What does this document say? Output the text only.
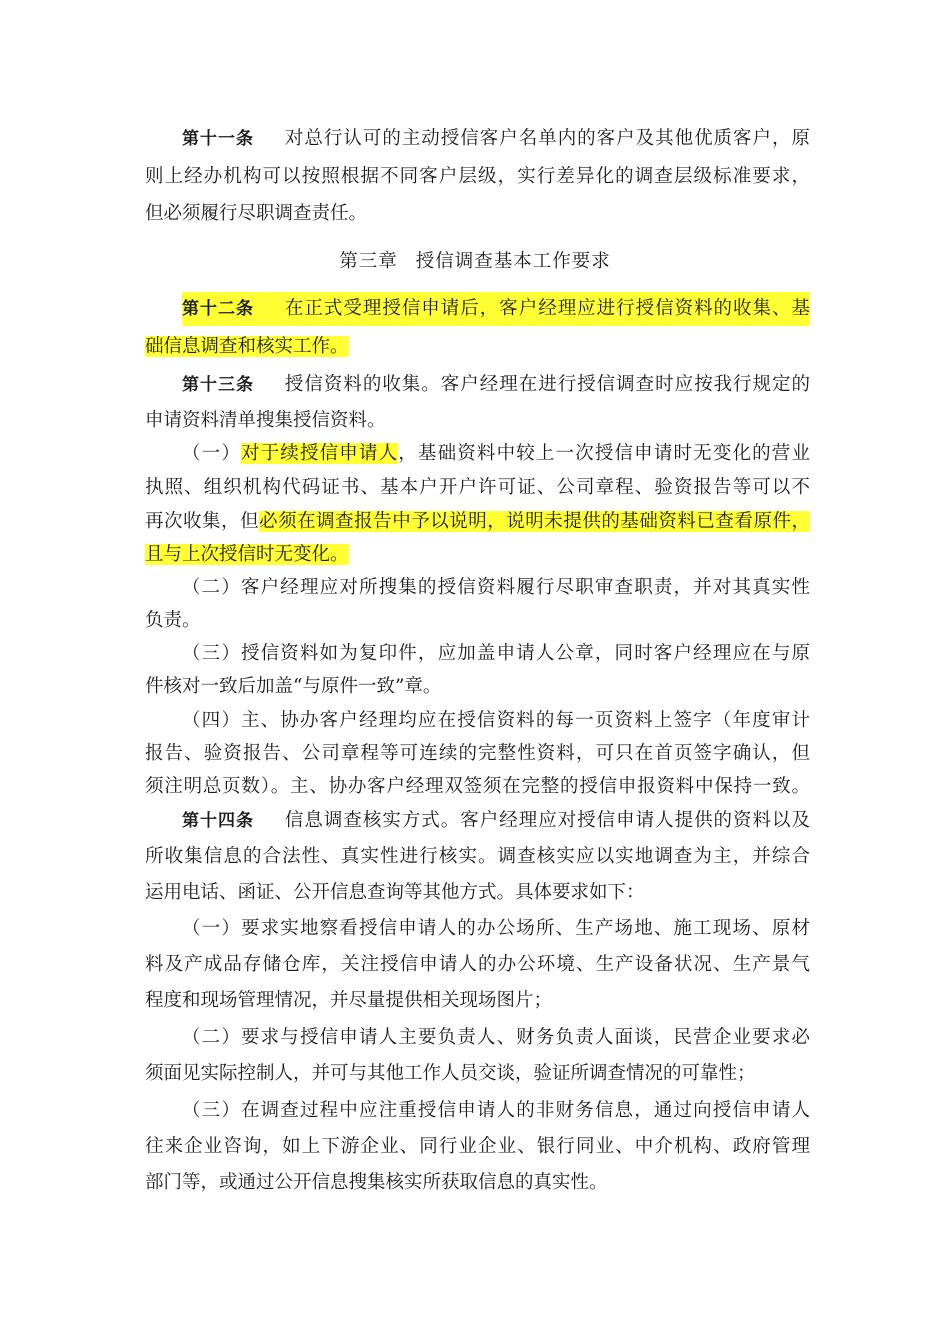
第十一条 对总行认可的主动授信客户名单内的客户及其他优质客户，原
则上经办机构可以按照根据不同客户层级，实行差异化的调查层级标准要求，
但必须履行尽职调查责任。
第三章 授信调查基本工作要求
第十二条 在正式受理授信申请后，客户经理应进行授信资料的收集、基
础信息调查和核实工作。
第十三条 授信资料的收集。客户经理在进行授信调查时应按我行规定的
申请资料清单搜集授信资料。
（一）对于续授信申请人，基础资料中较上一次授信申请时无变化的营业
执照、组织机构代码证书、基本户开户许可证、公司章程、验资报告等可以不
再次收集，但必须在调查报告中予以说明，说明未提供的基础资料已查看原件，
且与上次授信时无变化。
（二）客户经理应对所搜集的授信资料履行尽职审查职责，并对其真实性
负责。
（三）授信资料如为复印件，应加盖申请人公章，同时客户经理应在与原
件核对一致后加盖“与原件一致”章。
（四）主、协办客户经理均应在授信资料的每一页资料上签字（年度审计
报告、验资报告、公司章程等可连续的完整性资料，可只在首页签字确认，但
须注明总页数）。主、协办客户经理双签须在完整的授信申报资料中保持一致。
第十四条 信息调查核实方式。客户经理应对授信申请人提供的资料以及
所收集信息的合法性、真实性进行核实。调查核实应以实地调查为主，并综合
运用电话、函证、公开信息查询等其他方式。具体要求如下：
（一）要求实地察看授信申请人的办公场所、生产场地、施工现场、原材
料及产成品存储仓库，关注授信申请人的办公环境、生产设备状况、生产景气
程度和现场管理情况，并尽量提供相关现场图片；
（二）要求与授信申请人主要负责人、财务负责人面谈，民营企业要求必
须面见实际控制人，并可与其他工作人员交谈，验证所调查情况的可靠性；
（三）在调查过程中应注重授信申请人的非财务信息，通过向授信申请人
往来企业咨询，如上下游企业、同行业企业、银行同业、中介机构、政府管理
部门等，或通过公开信息搜集核实所获取信息的真实性。
